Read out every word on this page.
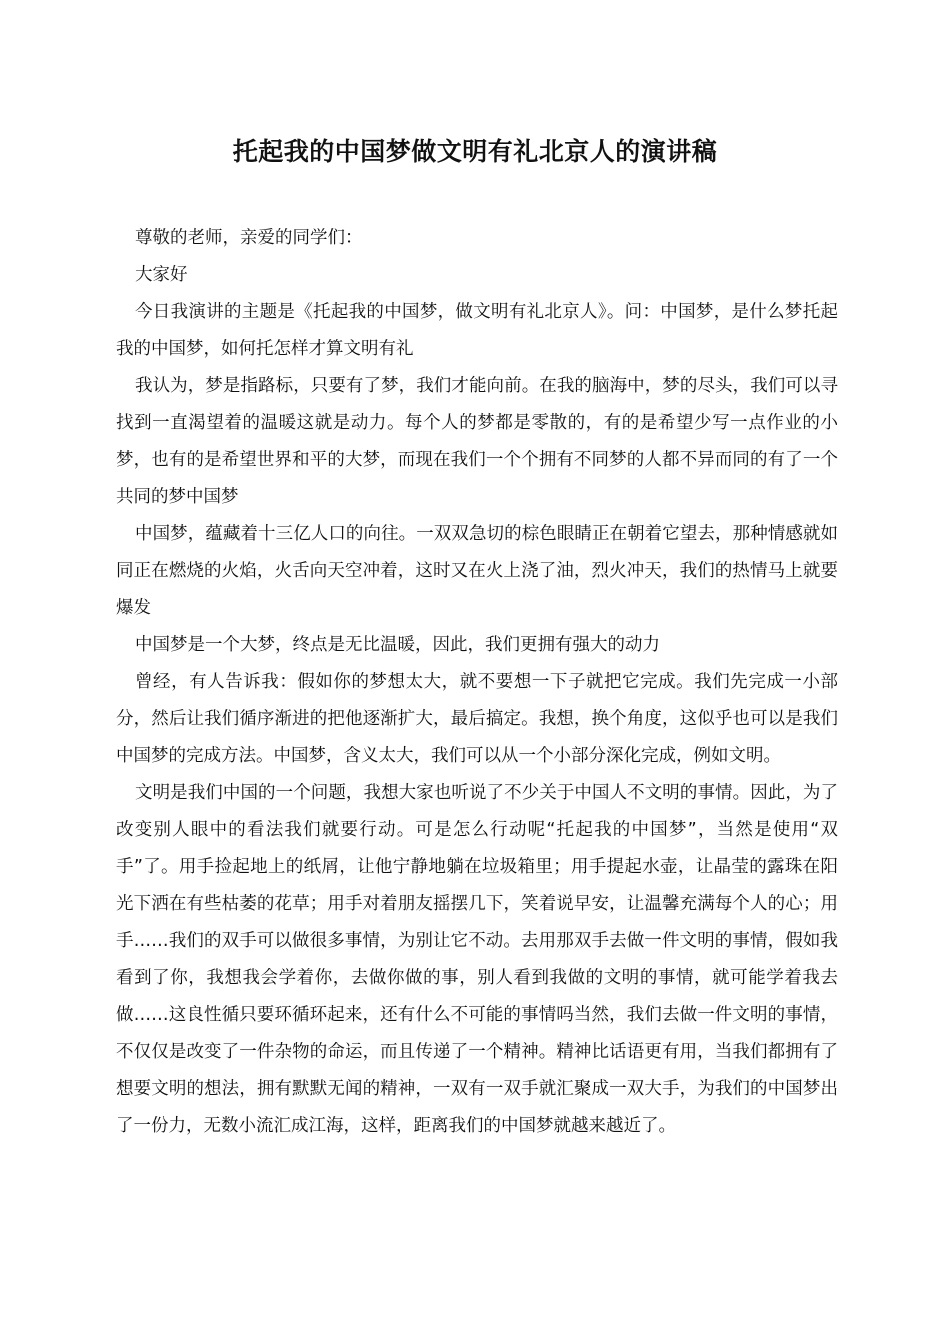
托起我的中国梦做文明有礼北京人的演讲稿

尊敬的老师，亲爱的同学们：

大家好

今日我演讲的主题是《托起我的中国梦，做文明有礼北京人》。问：中国梦，是什么梦托起我的中国梦，如何托怎样才算文明有礼

我认为，梦是指路标，只要有了梦，我们才能向前。在我的脑海中，梦的尽头，我们可以寻找到一直渴望着的温暖这就是动力。每个人的梦都是零散的，有的是希望少写一点作业的小梦，也有的是希望世界和平的大梦，而现在我们一个个拥有不同梦的人都不异而同的有了一个共同的梦中国梦

中国梦，蕴藏着十三亿人口的向往。一双双急切的棕色眼睛正在朝着它望去，那种情感就如同正在燃烧的火焰，火舌向天空冲着，这时又在火上浇了油，烈火冲天，我们的热情马上就要爆发

中国梦是一个大梦，终点是无比温暖，因此，我们更拥有强大的动力

曾经，有人告诉我：假如你的梦想太大，就不要想一下子就把它完成。我们先完成一小部分，然后让我们循序渐进的把他逐渐扩大，最后搞定。我想，换个角度，这似乎也可以是我们中国梦的完成方法。中国梦，含义太大，我们可以从一个小部分深化完成，例如文明。

文明是我们中国的一个问题，我想大家也听说了不少关于中国人不文明的事情。因此，为了改变别人眼中的看法我们就要行动。可是怎么行动呢“托起我的中国梦”，当然是使用“双手”了。用手捡起地上的纸屑，让他宁静地躺在垃圾箱里；用手提起水壶，让晶莹的露珠在阳光下洒在有些枯萎的花草；用手对着朋友摇摆几下，笑着说早安，让温馨充满每个人的心；用手……我们的双手可以做很多事情，为别让它不动。去用那双手去做一件文明的事情，假如我看到了你，我想我会学着你，去做你做的事，别人看到我做的文明的事情，就可能学着我去做……这良性循只要环循环起来，还有什么不可能的事情吗当然，我们去做一件文明的事情，不仅仅是改变了一件杂物的命运，而且传递了一个精神。精神比话语更有用，当我们都拥有了想要文明的想法，拥有默默无闻的精神，一双有一双手就汇聚成一双大手，为我们的中国梦出了一份力，无数小流汇成江海，这样，距离我们的中国梦就越来越近了。
